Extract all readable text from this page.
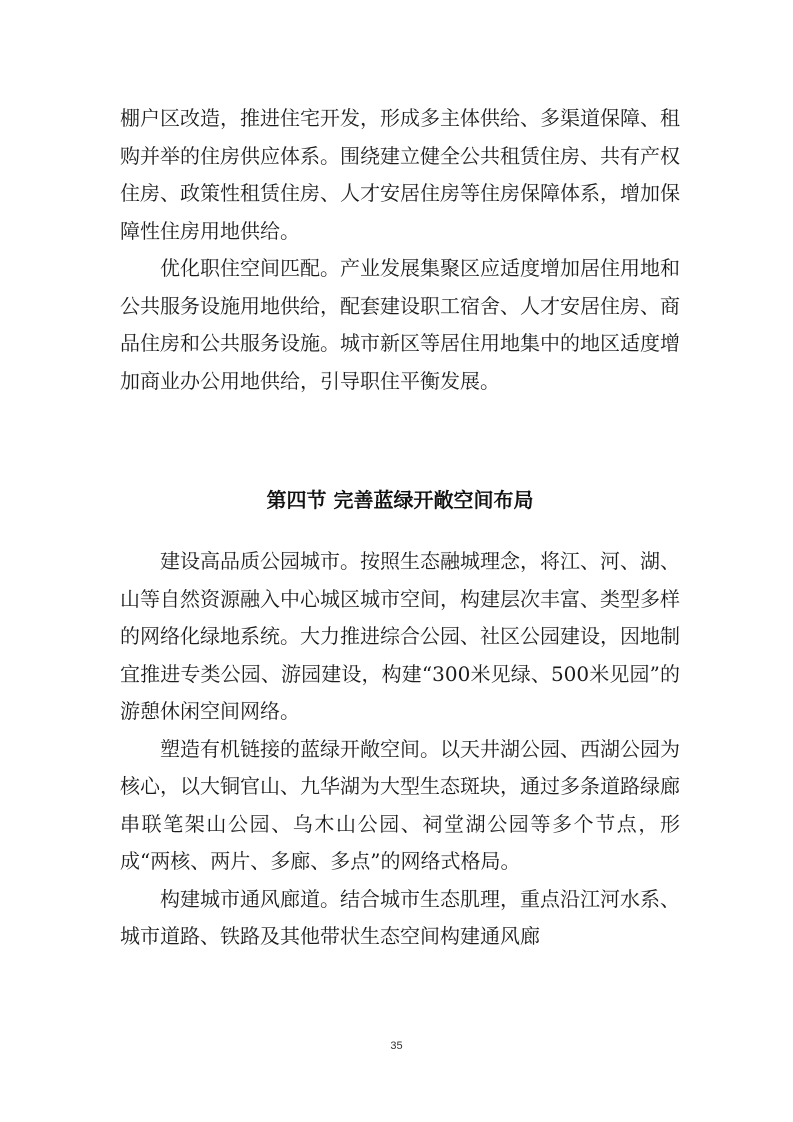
棚户区改造，推进住宅开发，形成多主体供给、多渠道保障、租购并举的住房供应体系。围绕建立健全公共租赁住房、共有产权住房、政策性租赁住房、人才安居住房等住房保障体系，增加保障性住房用地供给。

优化职住空间匹配。产业发展集聚区应适度增加居住用地和公共服务设施用地供给，配套建设职工宿舍、人才安居住房、商品住房和公共服务设施。城市新区等居住用地集中的地区适度增加商业办公用地供给，引导职住平衡发展。

第四节 完善蓝绿开敞空间布局

建设高品质公园城市。按照生态融城理念，将江、河、湖、山等自然资源融入中心城区城市空间，构建层次丰富、类型多样的网络化绿地系统。大力推进综合公园、社区公园建设，因地制宜推进专类公园、游园建设，构建“300米见绿、500米见园”的游憩休闲空间网络。

塑造有机链接的蓝绿开敞空间。以天井湖公园、西湖公园为核心，以大铜官山、九华湖为大型生态斑块，通过多条道路绿廊串联笔架山公园、乌木山公园、祠堂湖公园等多个节点，形成“两核、两片、多廊、多点”的网络式格局。

构建城市通风廊道。结合城市生态肌理，重点沿江河水系、城市道路、铁路及其他带状生态空间构建通风廊

35
